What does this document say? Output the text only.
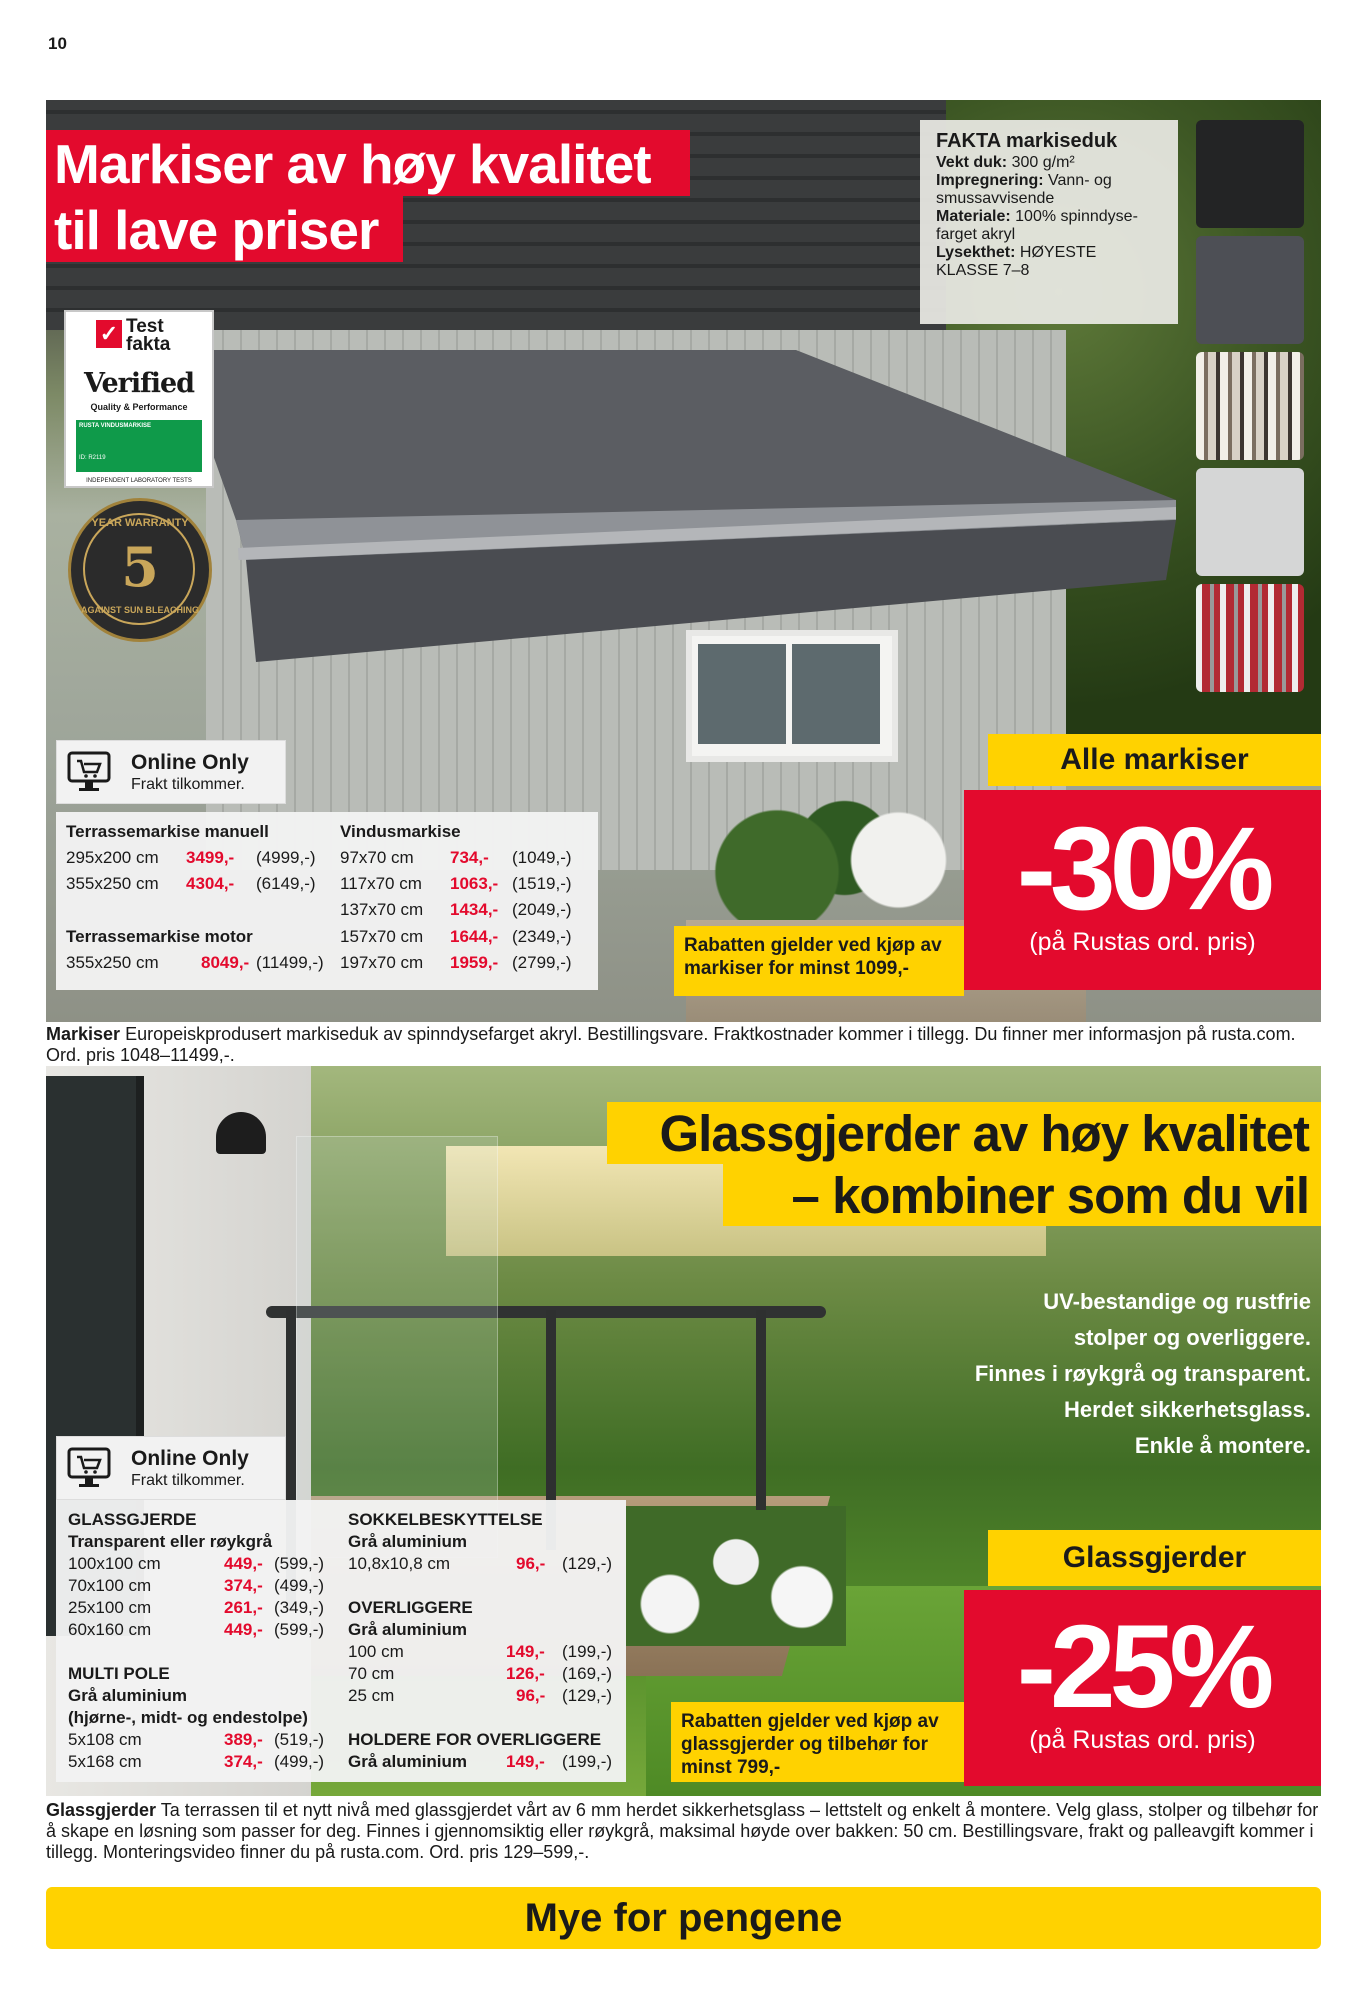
10
Markiser av høy kvalitet
til lave priser
✓ Test fakta
Verified
Quality & Performance
RUSTA VINDUSMARKISE
ID: R2119
INDEPENDENT LABORATORY TESTS
YEAR WARRANTY
5
AGAINST SUN BLEACHING
FAKTA markiseduk
Vekt duk: 300 g/m²
Impregnering: Vann- og smussavvisende
Materiale: 100% spinndyse-farget akryl
Lysekthet: HØYESTE KLASSE 7–8
Online Only
Frakt tilkommer.
Terrassemarkise manuell
295x200 cm 3499,- (4999,-)
355x250 cm 4304,- (6149,-)
Terrassemarkise motor
355x250 cm 8049,- (11499,-)
Vindusmarkise
97x70 cm 734,- (1049,-)
117x70 cm 1063,- (1519,-)
137x70 cm 1434,- (2049,-)
157x70 cm 1644,- (2349,-)
197x70 cm 1959,- (2799,-)
Rabatten gjelder ved kjøp av markiser for minst 1099,-
Alle markiser
-30%
(på Rustas ord. pris)
Markiser Europeiskprodusert markiseduk av spinndysefarget akryl. Bestillingsvare. Fraktkostnader kommer i tillegg. Du finner mer informasjon på rusta.com. Ord. pris 1048–11499,-.
Glassgjerder av høy kvalitet
– kombiner som du vil
UV-bestandige og rustfrie
stolper og overliggere.
Finnes i røykgrå og transparent.
Herdet sikkerhetsglass.
Enkle å montere.
Online Only
Frakt tilkommer.
GLASSGJERDE
Transparent eller røykgrå
100x100 cm	449,- (599,-)
70x100 cm	374,- (499,-)
25x100 cm	261,- (349,-)
60x160 cm	449,- (599,-)
MULTI POLE
Grå aluminium
(hjørne-, midt- og endestolpe)
5x108 cm	389,- (519,-)
5x168 cm	374,- (499,-)
SOKKELBESKYTTELSE
Grå aluminium
10,8x10,8 cm	96,- (129,-)
OVERLIGGERE
Grå aluminium
100 cm	149,- (199,-)
70 cm	126,- (169,-)
25 cm	96,- (129,-)
HOLDERE FOR OVERLIGGERE
Grå aluminium 149,- (199,-)
Rabatten gjelder ved kjøp av glassgjerder og tilbehør for minst 799,-
Glassgjerder
-25%
(på Rustas ord. pris)
Glassgjerder Ta terrassen til et nytt nivå med glassgjerdet vårt av 6 mm herdet sikkerhetsglass – lettstelt og enkelt å montere. Velg glass, stolper og tilbehør for å skape en løsning som passer for deg. Finnes i gjennomsiktig eller røykgrå, maksimal høyde over bakken: 50 cm. Bestillingsvare, frakt og palleavgift kommer i tillegg. Monteringsvideo finner du på rusta.com. Ord. pris 129–599,-.
Mye for pengene
